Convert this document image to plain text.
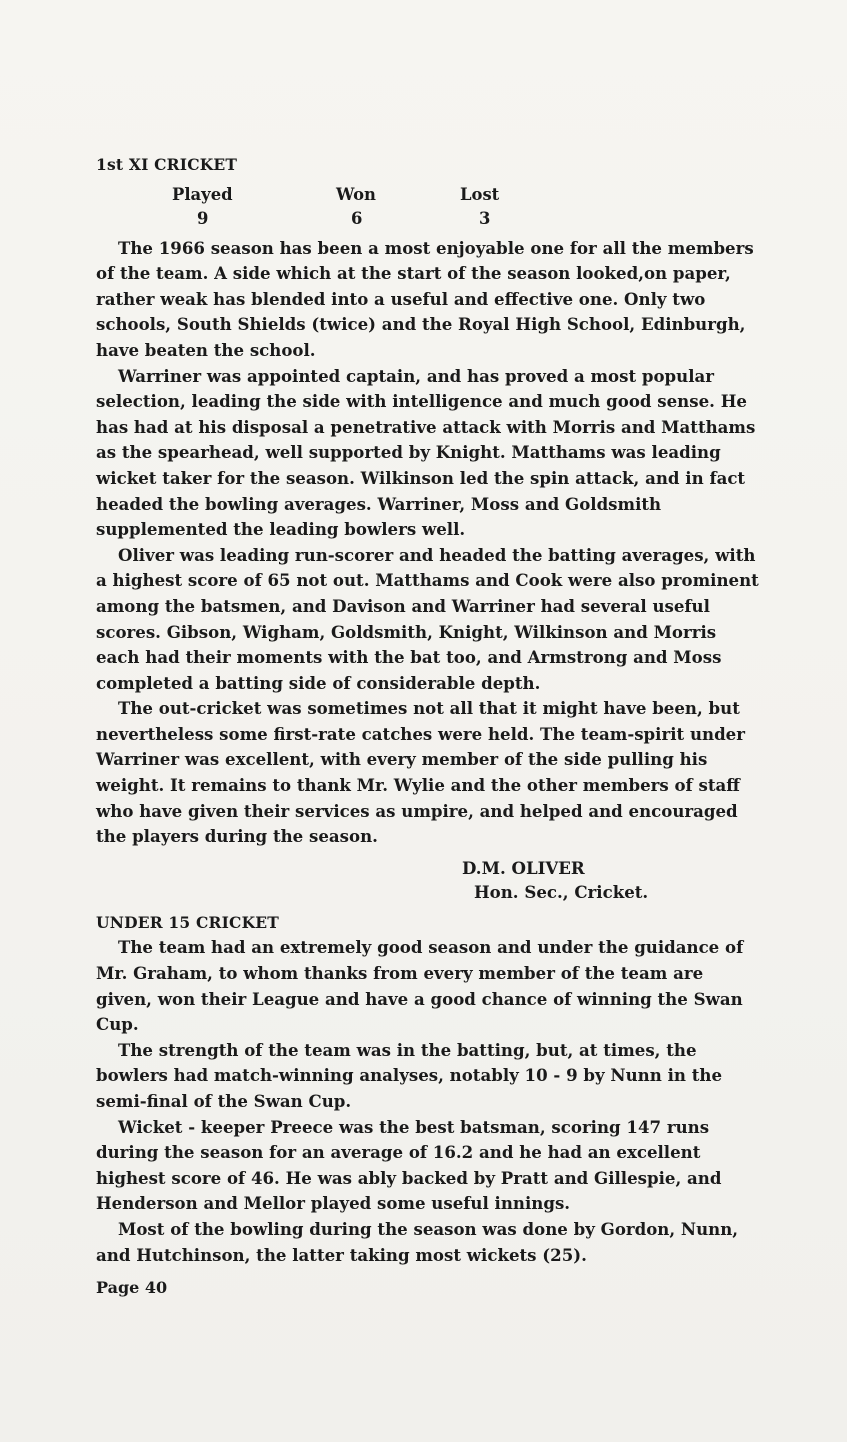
1st XI CRICKET
Played
9
Won
6
Lost
3

The 1966 season has been a most enjoyable one for all the members of the team. A side which at the start of the season looked,on paper, rather weak has blended into a useful and effective one. Only two schools, South Shields (twice) and the Royal High School, Edinburgh, have beaten the school.

Warriner was appointed captain, and has proved a most popular selection, leading the side with intelligence and much good sense. He has had at his disposal a penetrative attack with Morris and Matthams as the spearhead, well supported by Knight. Matthams was leading wicket taker for the season. Wilkinson led the spin attack, and in fact headed the bowling averages. Warriner, Moss and Goldsmith supplemented the leading bowlers well.

Oliver was leading run-scorer and headed the batting averages, with a highest score of 65 not out. Matthams and Cook were also prominent among the batsmen, and Davison and Warriner had several useful scores. Gibson, Wigham, Goldsmith, Knight, Wilkinson and Morris each had their moments with the bat too, and Armstrong and Moss completed a batting side of considerable depth.

The out-cricket was sometimes not all that it might have been, but nevertheless some first-rate catches were held. The team-spirit under Warriner was excellent, with every member of the side pulling his weight. It remains to thank Mr. Wylie and the other members of staff who have given their services as umpire, and helped and encouraged the players during the season.

D.M. OLIVER
Hon. Sec., Cricket.
UNDER 15 CRICKET

The team had an extremely good season and under the guidance of Mr. Graham, to whom thanks from every member of the team are given, won their League and have a good chance of winning the Swan Cup.

The strength of the team was in the batting, but, at times, the bowlers had match-winning analyses, notably 10 - 9 by Nunn in the semi-final of the Swan Cup.

Wicket - keeper Preece was the best batsman, scoring 147 runs during the season for an average of 16.2 and he had an excellent highest score of 46. He was ably backed by Pratt and Gillespie, and Henderson and Mellor played some useful innings.

Most of the bowling during the season was done by Gordon, Nunn, and Hutchinson, the latter taking most wickets (25).

Page 40
